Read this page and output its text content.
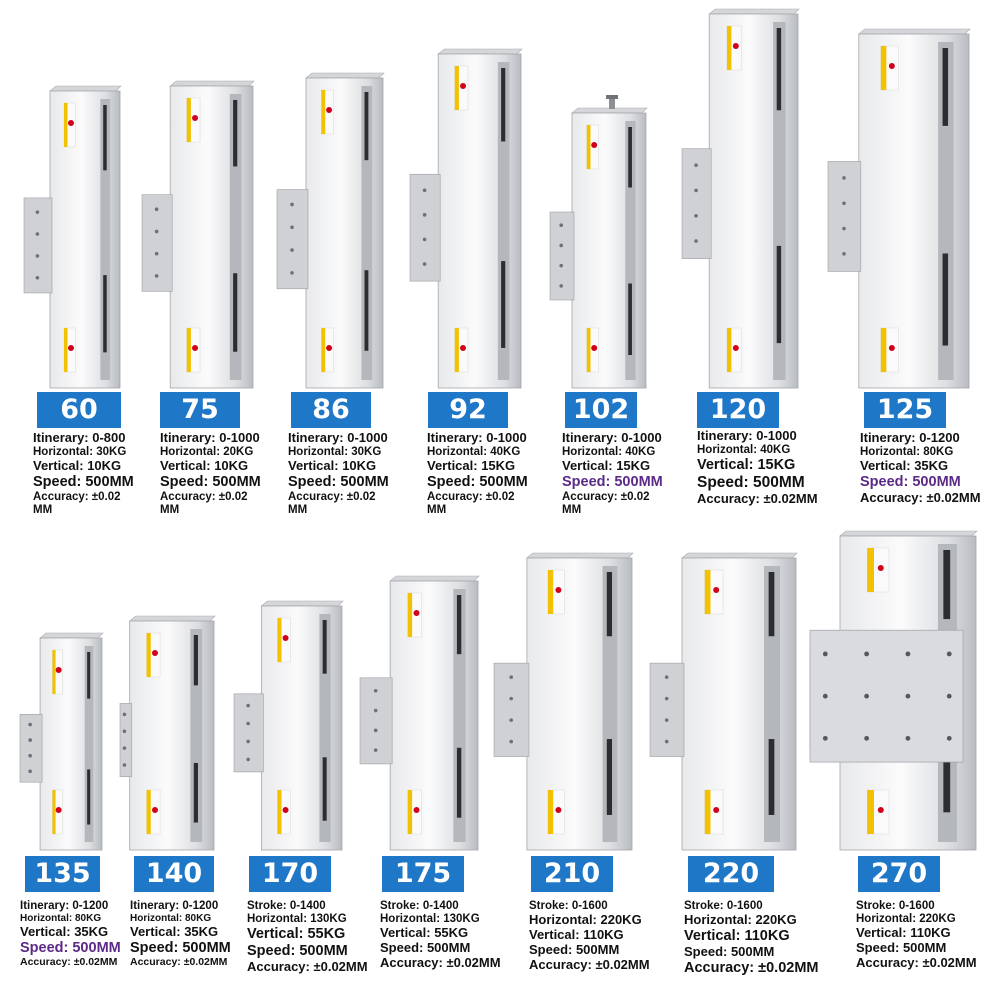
60
Itinerary: 0-800
Horizontal: 30KG
Vertical: 10KG
Speed: 500MM
Accuracy: ±0.02
MM
75
Itinerary: 0-1000
Horizontal: 20KG
Vertical: 10KG
Speed: 500MM
Accuracy: ±0.02
MM
86
Itinerary: 0-1000
Horizontal: 30KG
Vertical: 10KG
Speed: 500MM
Accuracy: ±0.02
MM
92
Itinerary: 0-1000
Horizontal: 40KG
Vertical: 15KG
Speed: 500MM
Accuracy: ±0.02
MM
102
Itinerary: 0-1000
Horizontal: 40KG
Vertical: 15KG
Speed: 500MM
Accuracy: ±0.02
MM
120
Itinerary: 0-1000
Horizontal: 40KG
Vertical: 15KG
Speed: 500MM
Accuracy: ±0.02MM
125
Itinerary: 0-1200
Horizontal: 80KG
Vertical: 35KG
Speed: 500MM
Accuracy: ±0.02MM
135
Itinerary: 0-1200
Horizontal: 80KG
Vertical: 35KG
Speed: 500MM
Accuracy: ±0.02MM
140
Itinerary: 0-1200
Horizontal: 80KG
Vertical: 35KG
Speed: 500MM
Accuracy: ±0.02MM
170
Stroke: 0-1400
Horizontal: 130KG
Vertical: 55KG
Speed: 500MM
Accuracy: ±0.02MM
175
Stroke: 0-1400
Horizontal: 130KG
Vertical: 55KG
Speed: 500MM
Accuracy: ±0.02MM
210
Stroke: 0-1600
Horizontal: 220KG
Vertical: 110KG
Speed: 500MM
Accuracy: ±0.02MM
220
Stroke: 0-1600
Horizontal: 220KG
Vertical: 110KG
Speed: 500MM
Accuracy: ±0.02MM
270
Stroke: 0-1600
Horizontal: 220KG
Vertical: 110KG
Speed: 500MM
Accuracy: ±0.02MM
